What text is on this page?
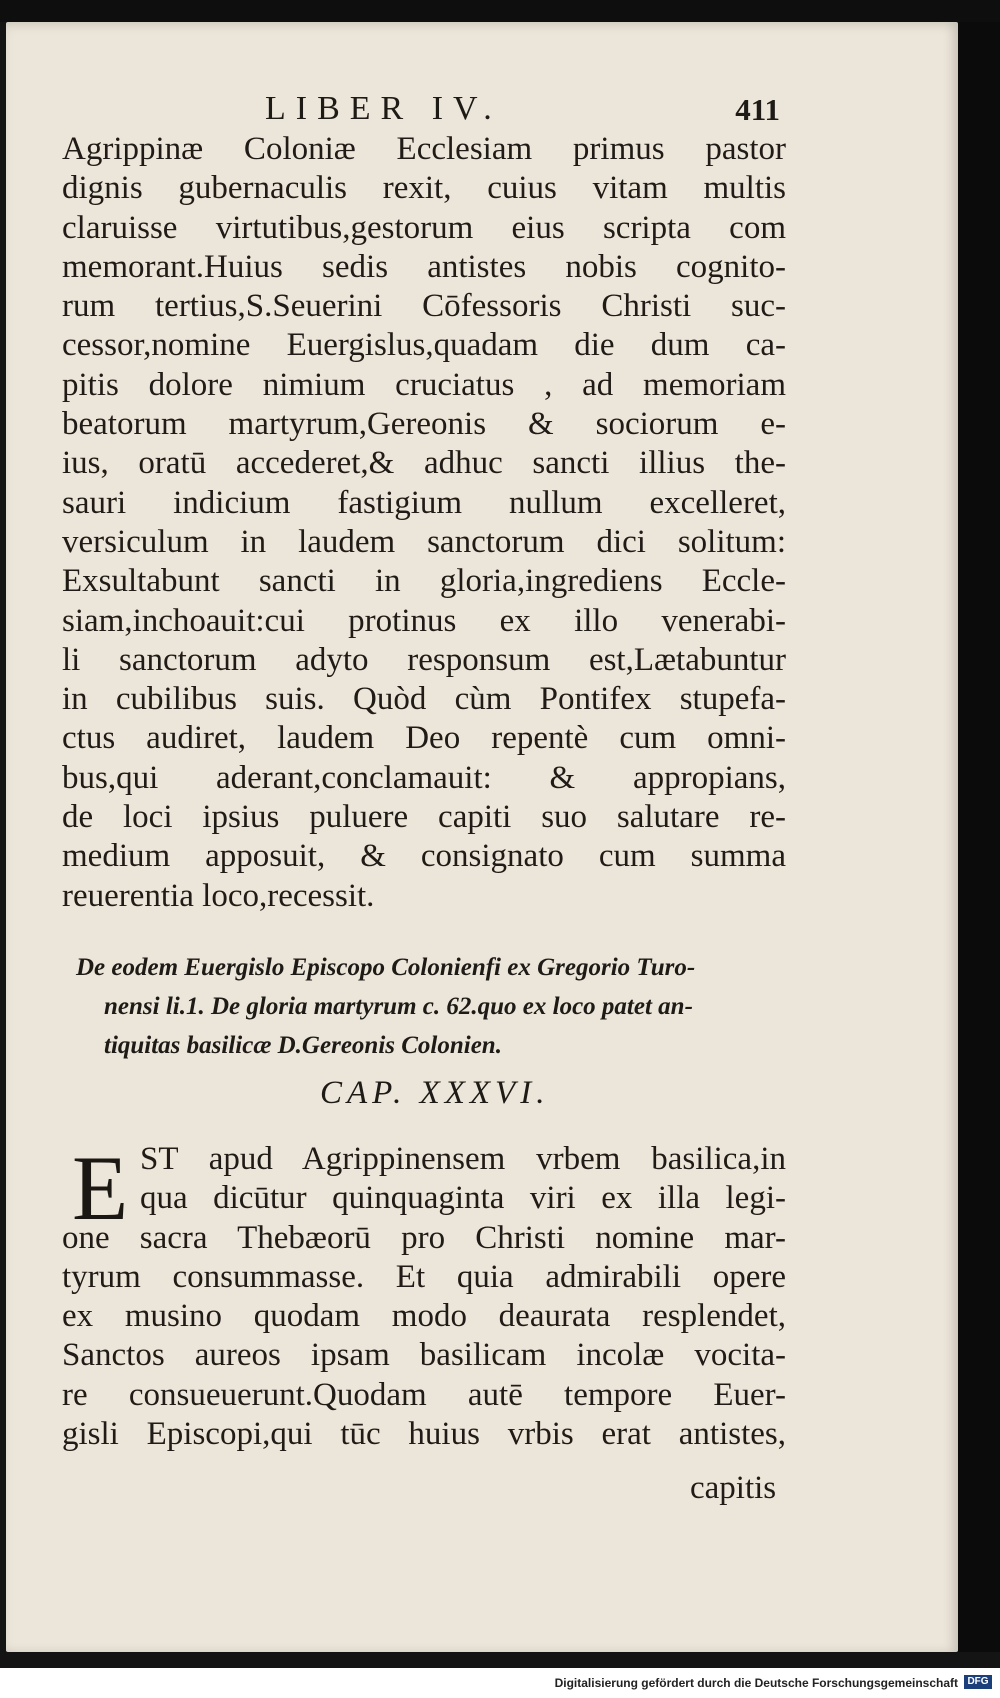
LIBER IV.	411
Agrippinæ Coloniæ Ecclesiam primus pastor
dignis gubernaculis rexit, cuius vitam multis
claruisse virtutibus,gestorum eius scripta com
memorant.Huius sedis antistes nobis cognito-
rum tertius,S.Seuerini Cōfessoris Christi suc-
cessor,nomine Euergislus,quadam die dum ca-
pitis dolore nimium cruciatus , ad memoriam
beatorum martyrum,Gereonis & sociorum e-
ius, oratū accederet,& adhuc sancti illius the-
sauri indicium fastigium nullum excelleret,
versiculum in laudem sanctorum dici solitum:
Exsultabunt sancti in gloria,ingrediens Eccle-
siam,inchoauit:cui protinus ex illo venerabi-
li sanctorum adyto responsum est,Lætabuntur
in cubilibus suis. Quòd cùm Pontifex stupefa-
ctus audiret, laudem Deo repentè cum omni-
bus,qui aderant,conclamauit: & appropians,
de loci ipsius puluere capiti suo salutare re-
medium apposuit, & consignato cum summa
reuerentia loco,recessit.
De eodem Euergislo Episcopo Colonienfi ex Gregorio Turo-
nensi li.1. De gloria martyrum c. 62.quo ex loco patet an-
tiquitas basilicæ D.Gereonis Colonien.
CAP. XXXVI.
E ST apud Agrippinensem vrbem basilica,in
qua dicūtur quinquaginta viri ex illa legi-
one sacra Thebæorū pro Christi nomine mar-
tyrum consummasse. Et quia admirabili opere
ex musino quodam modo deaurata resplendet,
Sanctos aureos ipsam basilicam incolæ vocita-
re consueuerunt.Quodam autē tempore Euer-
gisli Episcopi,qui tūc huius vrbis erat antistes,
capitis
Digitalisierung gefördert durch die Deutsche Forschungsgemeinschaft DFG
